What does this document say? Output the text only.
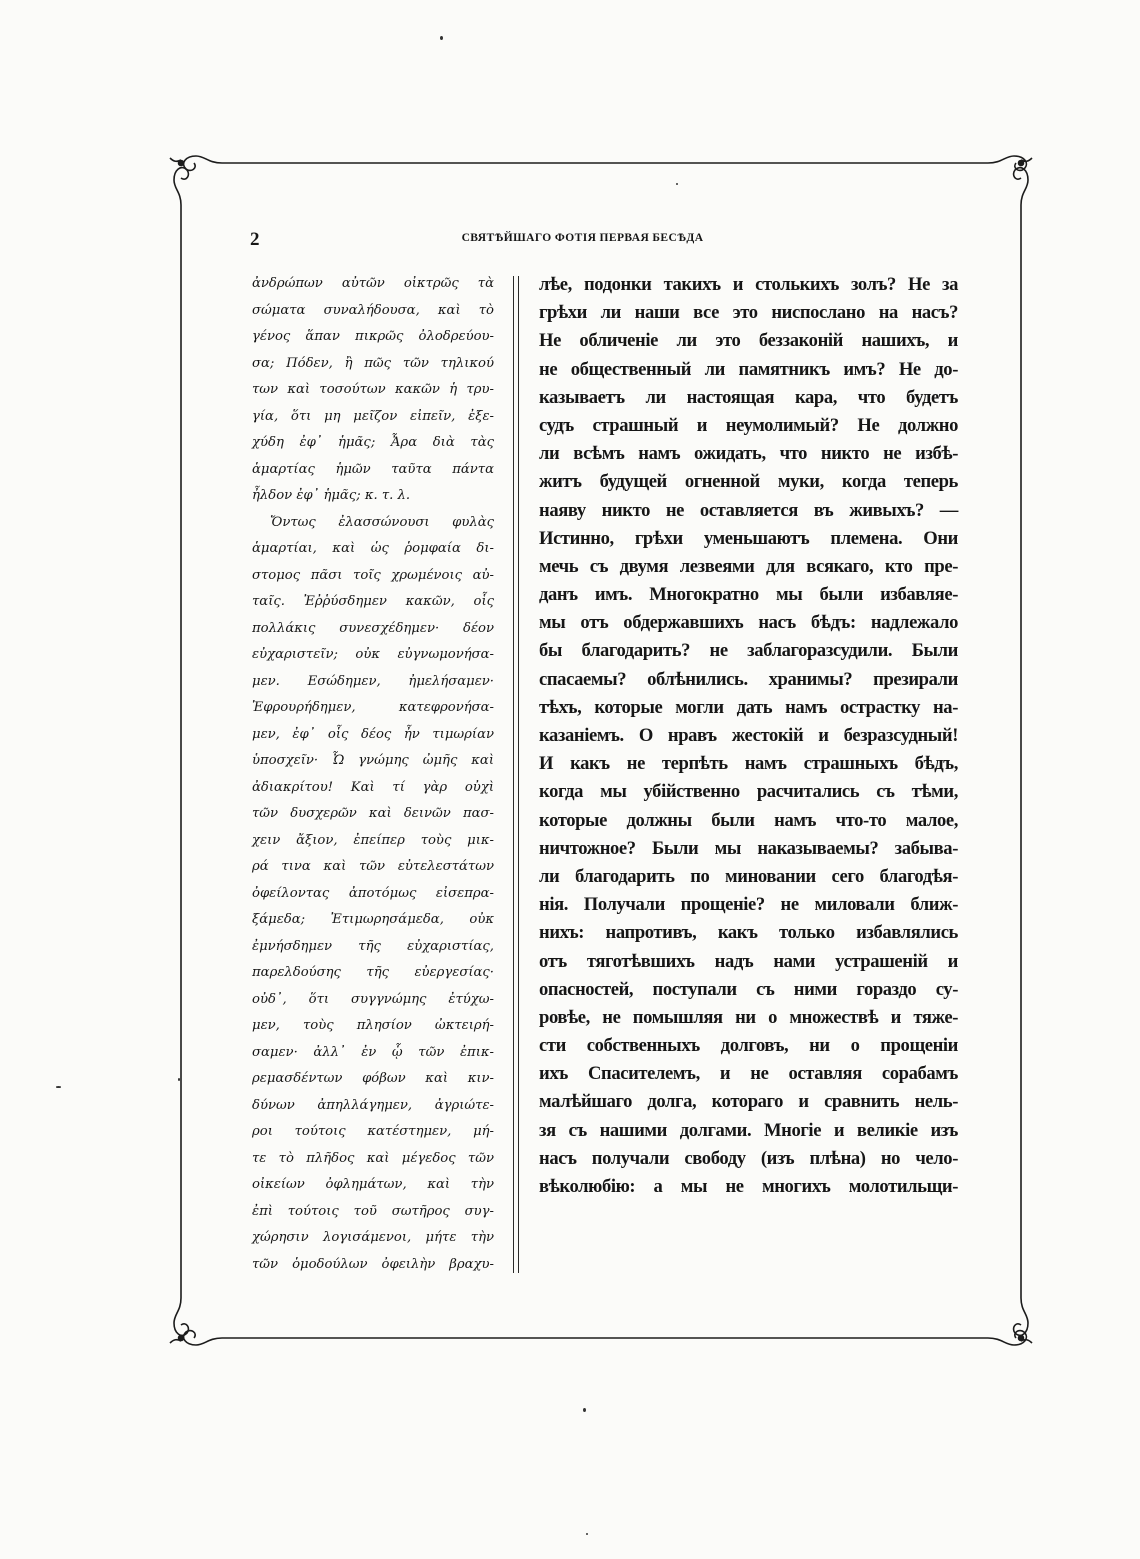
2	СВЯТѢЙШАГО ФОТІЯ ПЕРВАЯ БЕСѢДА
ἀνδρώπων αὐτῶν οἰκτρῶς τὰ
σώματα συναλήδουσα, καὶ τὸ
γένος ἅπαν πικρῶς ὀλοδρεύου-
σα; Πόδεν, ἢ πῶς τῶν τηλικού
των καὶ τοσούτων κακῶν ἡ τρυ-
γία, ὅτι μη μεῖζον εἰπεῖν, ἐξε-
χύδη ἐφ᾽ ἡμᾶς; Ἆρα διὰ τὰς
ἁμαρτίας ἡμῶν ταῦτα πάντα
ἦλδον ἐφ᾽ ἡμᾶς; κ. τ. λ.
Ὄντως ἐλασσώνουσι φυλὰς
ἁμαρτίαι, καὶ ὡς ῥομφαία δι-
στομος πᾶσι τοῖς χρωμένοις αὐ-
ταῖς. Ἐῤῥύσδημεν κακῶν, οἷς
πολλάκις συνεσχέδημεν· δέον
εὐχαριστεῖν; οὐκ εὐγνωμονήσα-
μεν. Εσώδημεν, ἠμελήσαμεν·
Ἐφρουρήδημεν, κατεφρονήσα-
μεν, ἐφ᾽ οἷς δέος ἦν τιμωρίαν
ὑποσχεῖν· Ὦ γνώμης ὠμῆς καὶ
ἀδιακρίτου! Καὶ τί γὰρ οὐχὶ
τῶν δυσχερῶν καὶ δεινῶν πασ-
χειν ἄξιον, ἐπείπερ τοὺς μικ-
ρά τινα καὶ τῶν εὐτελεστάτων
ὀφείλοντας ἀποτόμως εἰσεπρα-
ξάμεδα; Ἐτιμωρησάμεδα, οὐκ
ἐμνήσδημεν τῆς εὐχαριστίας,
παρελδούσης τῆς εὐεργεσίας·
οὐδ᾽, ὅτι συγγνώμης ἐτύχω-
μεν, τοὺς πλησίον ὠκτειρή-
σαμεν· ἀλλ᾽ ἐν ᾧ τῶν ἐπικ-
ρεμασδέντων φόβων καὶ κιν-
δύνων ἀπηλλάγημεν, ἀγριώτε-
ροι τούτοις κατέστημεν, μή-
τε τὸ πλῆδος καὶ μέγεδος τῶν
οἰκείων ὀφλημάτων, καὶ τὴν
ἐπὶ τούτοις τοῦ σωτῆρος συγ-
χώρησιν λογισάμενοι, μήτε τὴν
τῶν ὁμοδούλων ὀφειλὴν βραχυ-
лѣе, подонки такихъ и столькихъ золъ? Не за
грѣхи ли наши все это ниспослано на насъ?
Не обличеніе ли это беззаконій нашихъ, и
не общественный ли памятникъ имъ? Не до-
казываетъ ли настоящая кара, что будетъ
судъ страшный и неумолимый? Не должно
ли всѣмъ намъ ожидать, что никто не избѣ-
житъ будущей огненной муки, когда теперь
наяву никто не оставляется въ живыхъ? —
Истинно, грѣхи уменьшаютъ племена. Они
мечь съ двумя лезвеями для всякаго, кто пре-
данъ имъ. Многократно мы были избавляе-
мы отъ обдержавшихъ насъ бѣдъ: надлежало
бы благодарить? не заблагоразсудили. Были
спасаемы? облѣнились. хранимы? презирали
тѣхъ, которые могли дать намъ острастку на-
казаніемъ. О нравъ жестокій и безразсудный!
И какъ не терпѣть намъ страшныхъ бѣдъ,
когда мы убійственно расчитались съ тѣми,
которые должны были намъ что-то малое,
ничтожное? Были мы наказываемы? забыва-
ли благодарить по миновании сего благодѣя-
нія. Получали прощеніе? не миловали ближ-
нихъ: напротивъ, какъ только избавлялись
отъ тяготѣвшихъ надъ нами устрашеній и
опасностей, поступали съ ними гораздо су-
ровѣе, не помышляя ни о множествѣ и тяже-
сти собственныхъ долговъ, ни о прощеніи
ихъ Спасителемъ, и не оставляя сорабамъ
малѣйшаго долга, котораго и сравнить нель-
зя съ нашими долгами. Многіе и великіе изъ
насъ получали свободу (изъ плѣна) но чело-
вѣколюбію: а мы не многихъ молотильщи-
